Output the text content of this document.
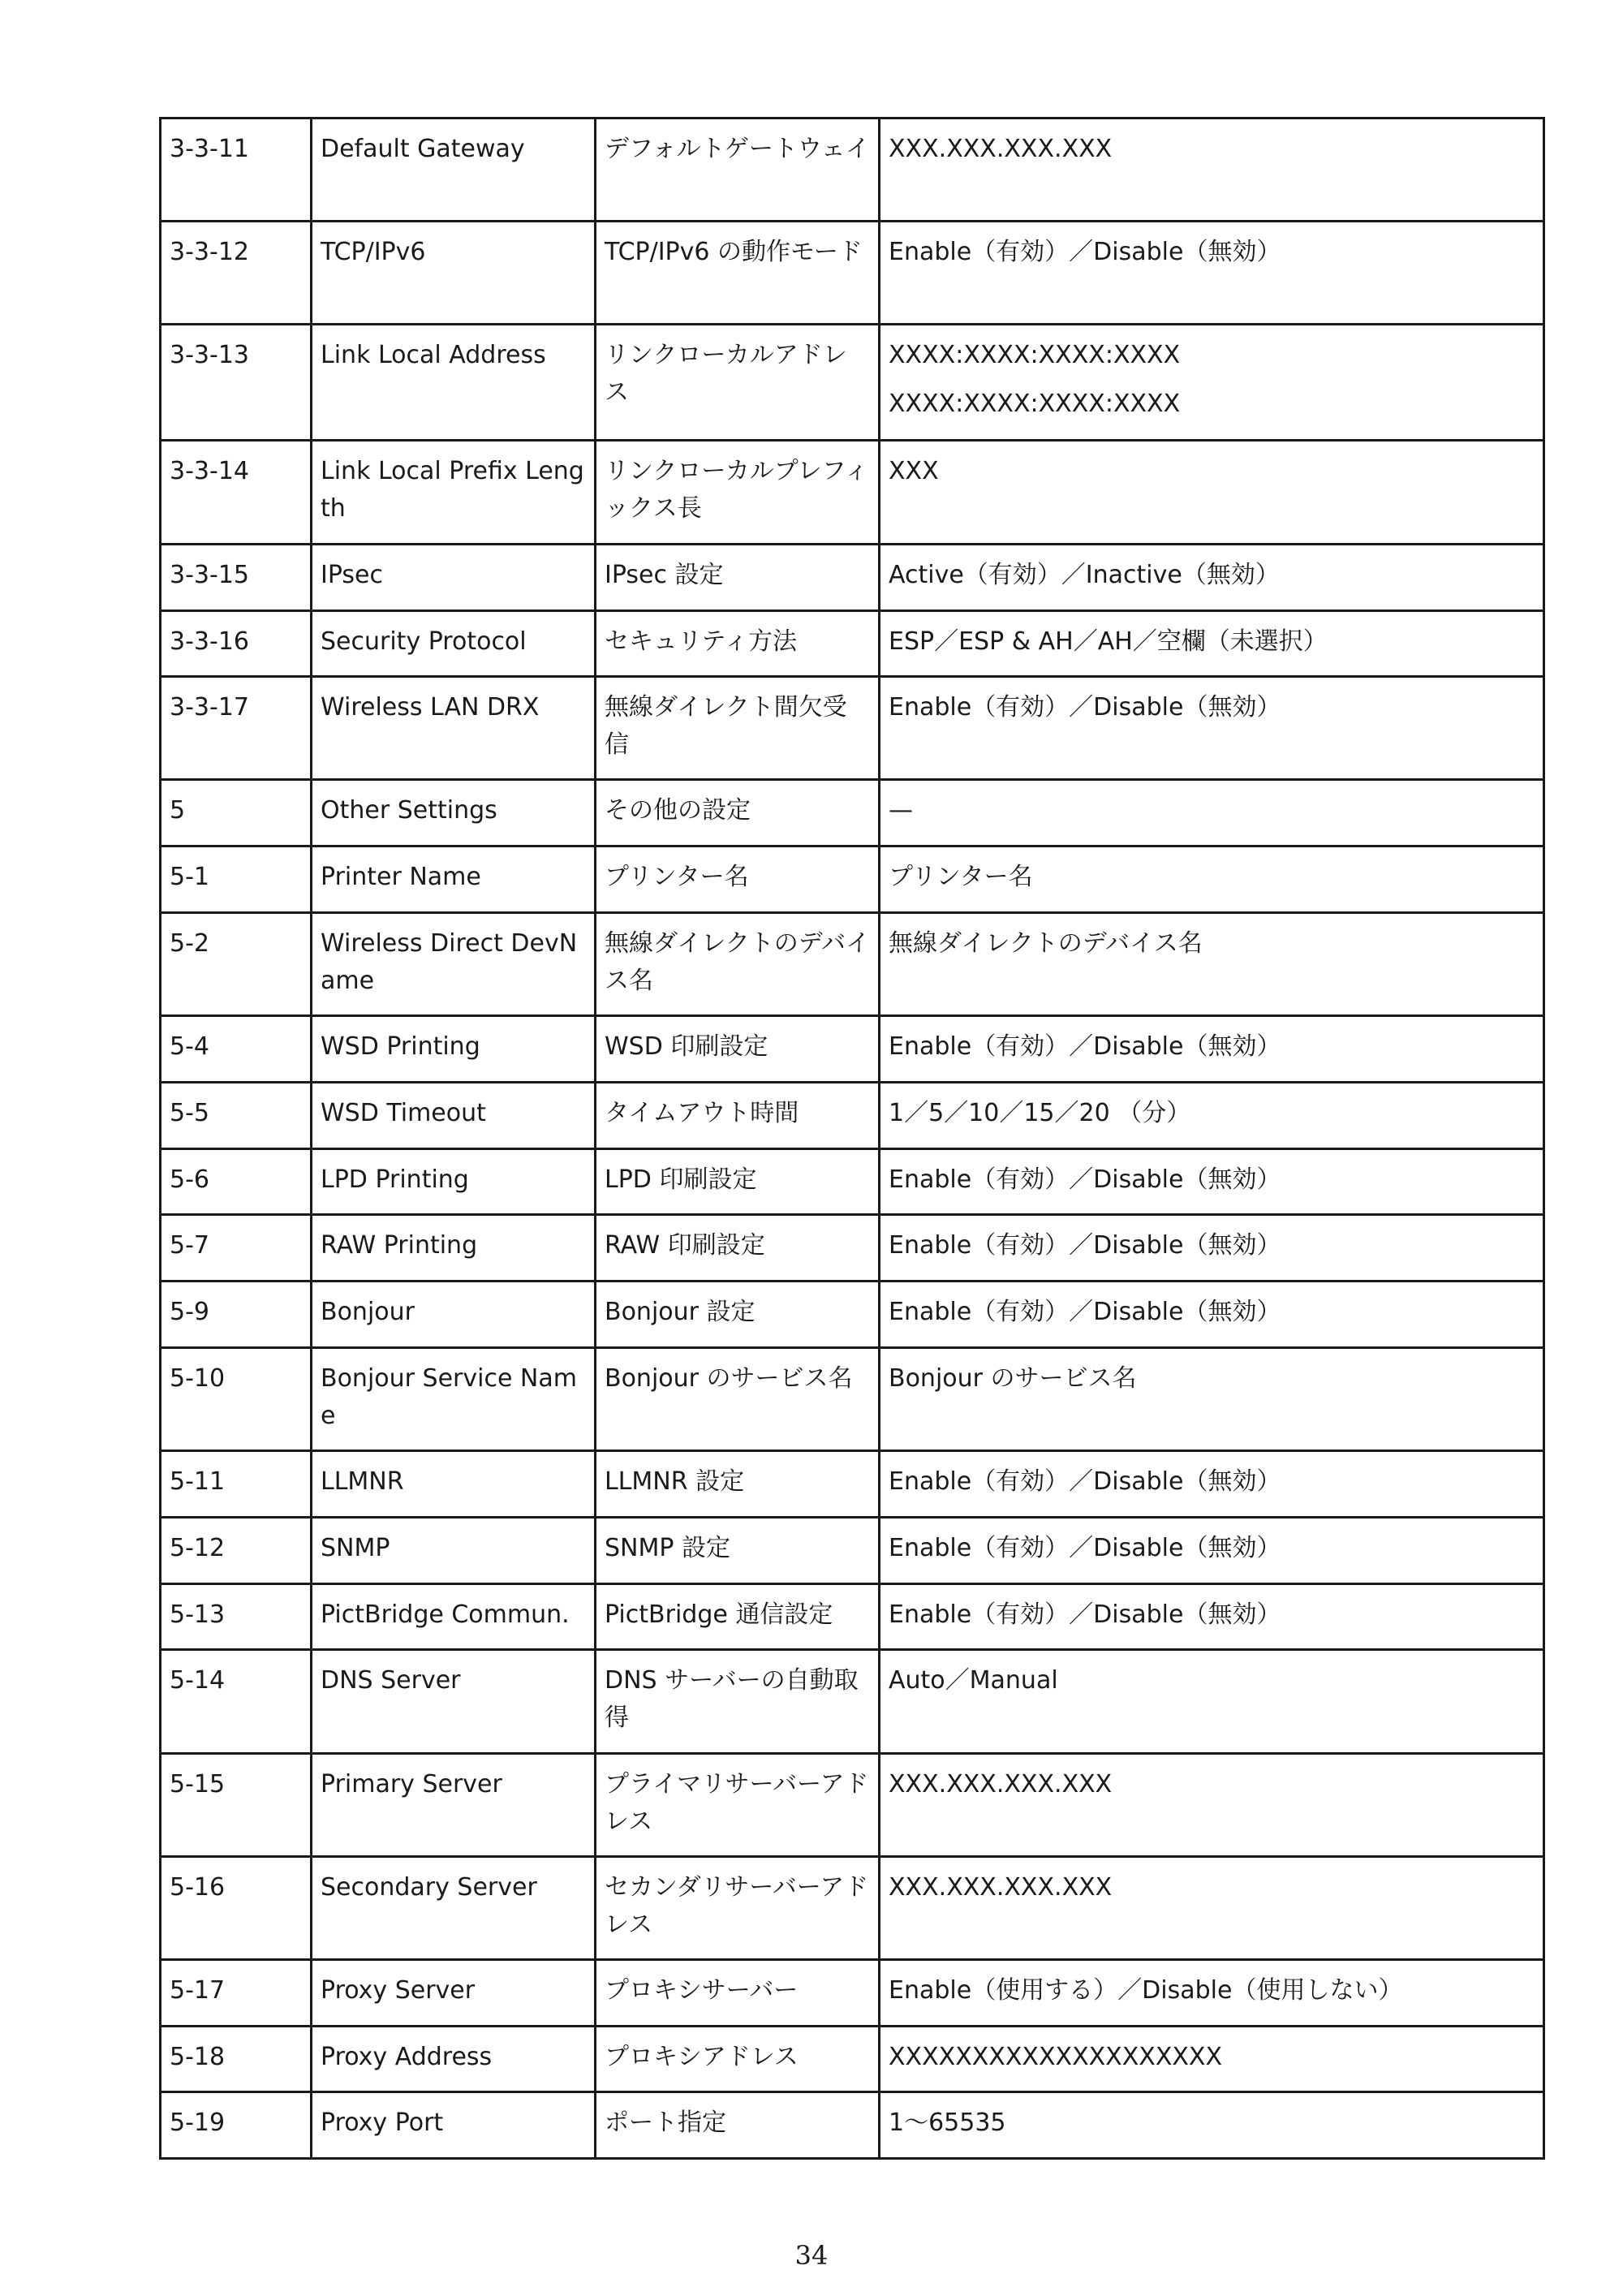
3-3-11	Default Gateway	デフォルトゲートウェイ	XXX.XXX.XXX.XXX

3-3-12	TCP/IPv6	TCP/IPv6 の動作モード	Enable（有効）／Disable（無効）

3-3-13	Link Local Address	リンクローカルアドレス	XXXX:XXXX:XXXX:XXXX
XXXX:XXXX:XXXX:XXXX

3-3-14	Link Local Prefix Length	リンクローカルプレフィックス長	XXX

3-3-15	IPsec	IPsec 設定	Active（有効）／Inactive（無効）

3-3-16	Security Protocol	セキュリティ方法	ESP／ESP & AH／AH／空欄（未選択）

3-3-17	Wireless LAN DRX	無線ダイレクト間欠受信	Enable（有効）／Disable（無効）

5	Other Settings	その他の設定	—

5-1	Printer Name	プリンター名	プリンター名

5-2	Wireless Direct DevName	無線ダイレクトのデバイス名	無線ダイレクトのデバイス名

5-4	WSD Printing	WSD 印刷設定	Enable（有効）／Disable（無効）

5-5	WSD Timeout	タイムアウト時間	1／5／10／15／20 （分）

5-6	LPD Printing	LPD 印刷設定	Enable（有効）／Disable（無効）

5-7	RAW Printing	RAW 印刷設定	Enable（有効）／Disable（無効）

5-9	Bonjour	Bonjour 設定	Enable（有効）／Disable（無効）

5-10	Bonjour Service Name	Bonjour のサービス名	Bonjour のサービス名

5-11	LLMNR	LLMNR 設定	Enable（有効）／Disable（無効）

5-12	SNMP	SNMP 設定	Enable（有効）／Disable（無効）

5-13	PictBridge Commun.	PictBridge 通信設定	Enable（有効）／Disable（無効）

5-14	DNS Server	DNS サーバーの自動取得	Auto／Manual

5-15	Primary Server	プライマリサーバーアドレス	XXX.XXX.XXX.XXX

5-16	Secondary Server	セカンダリサーバーアドレス	XXX.XXX.XXX.XXX

5-17	Proxy Server	プロキシサーバー	Enable（使用する）／Disable（使用しない）

5-18	Proxy Address	プロキシアドレス	XXXXXXXXXXXXXXXXXXXX

5-19	Proxy Port	ポート指定	1～65535
34
